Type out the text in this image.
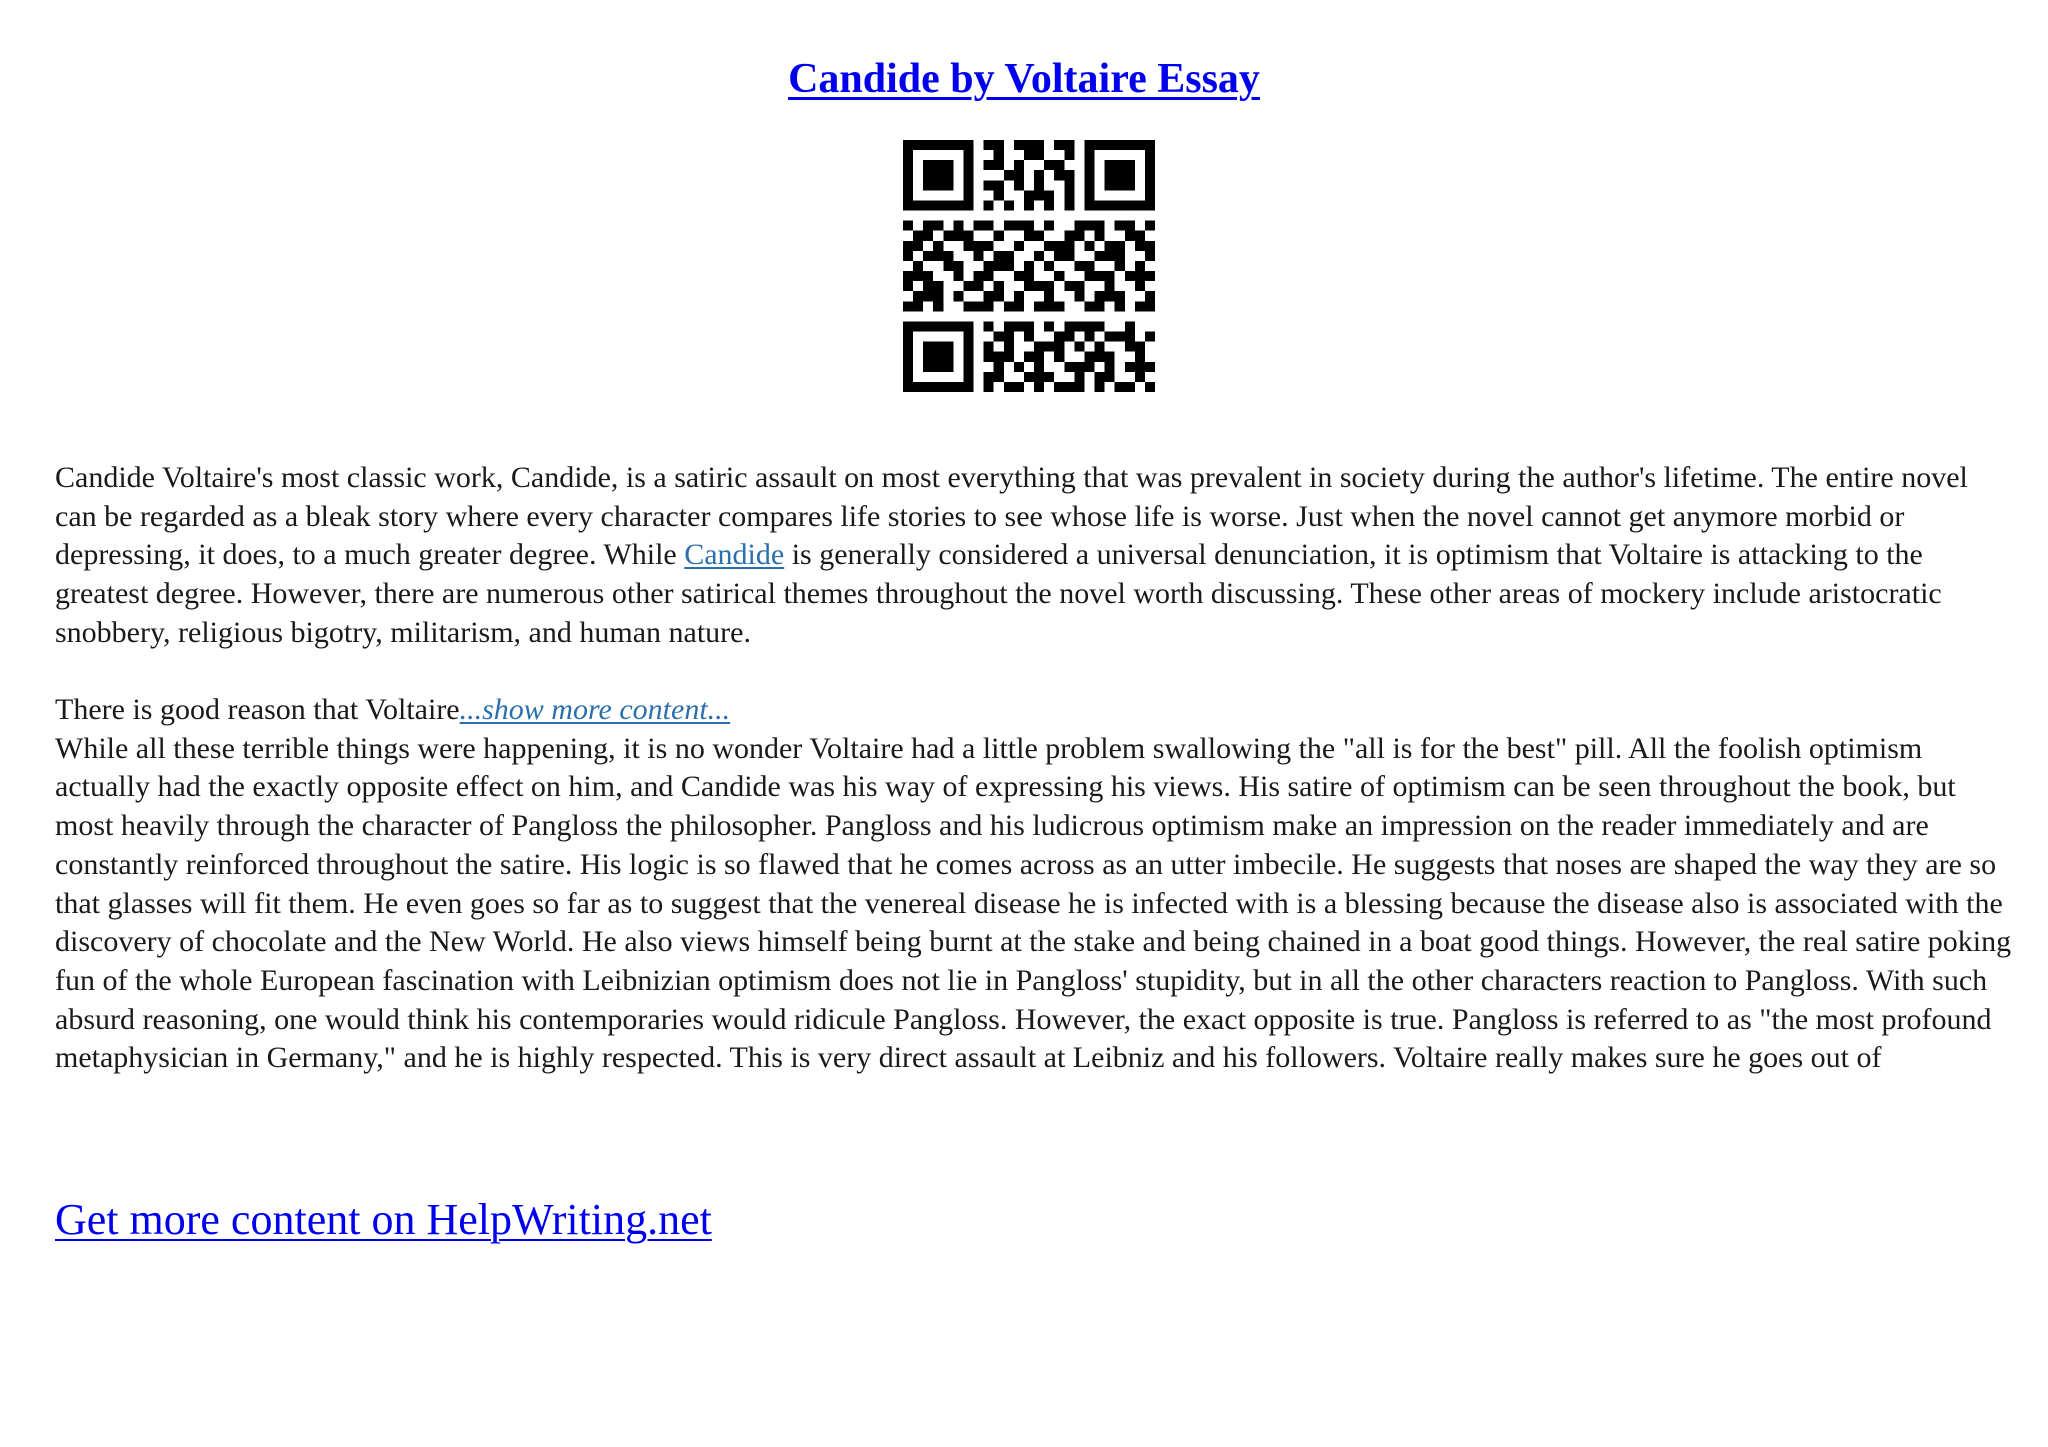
Candide by Voltaire Essay

Candide Voltaire's most classic work, Candide, is a satiric assault on most everything that was prevalent in society during the author's lifetime. The entire novel can be regarded as a bleak story where every character compares life stories to see whose life is worse. Just when the novel cannot get anymore morbid or depressing, it does, to a much greater degree. While Candide is generally considered a universal denunciation, it is optimism that Voltaire is attacking to the greatest degree. However, there are numerous other satirical themes throughout the novel worth discussing. These other areas of mockery include aristocratic snobbery, religious bigotry, militarism, and human nature.

There is good reason that Voltaire...show more content...
While all these terrible things were happening, it is no wonder Voltaire had a little problem swallowing the "all is for the best" pill. All the foolish optimism actually had the exactly opposite effect on him, and Candide was his way of expressing his views. His satire of optimism can be seen throughout the book, but most heavily through the character of Pangloss the philosopher. Pangloss and his ludicrous optimism make an impression on the reader immediately and are constantly reinforced throughout the satire. His logic is so flawed that he comes across as an utter imbecile. He suggests that noses are shaped the way they are so that glasses will fit them. He even goes so far as to suggest that the venereal disease he is infected with is a blessing because the disease also is associated with the discovery of chocolate and the New World. He also views himself being burnt at the stake and being chained in a boat good things. However, the real satire poking fun of the whole European fascination with Leibnizian optimism does not lie in Pangloss' stupidity, but in all the other characters reaction to Pangloss. With such absurd reasoning, one would think his contemporaries would ridicule Pangloss. However, the exact opposite is true. Pangloss is referred to as "the most profound metaphysician in Germany," and he is highly respected. This is very direct assault at Leibniz and his followers. Voltaire really makes sure he goes out of

Get more content on HelpWriting.net
